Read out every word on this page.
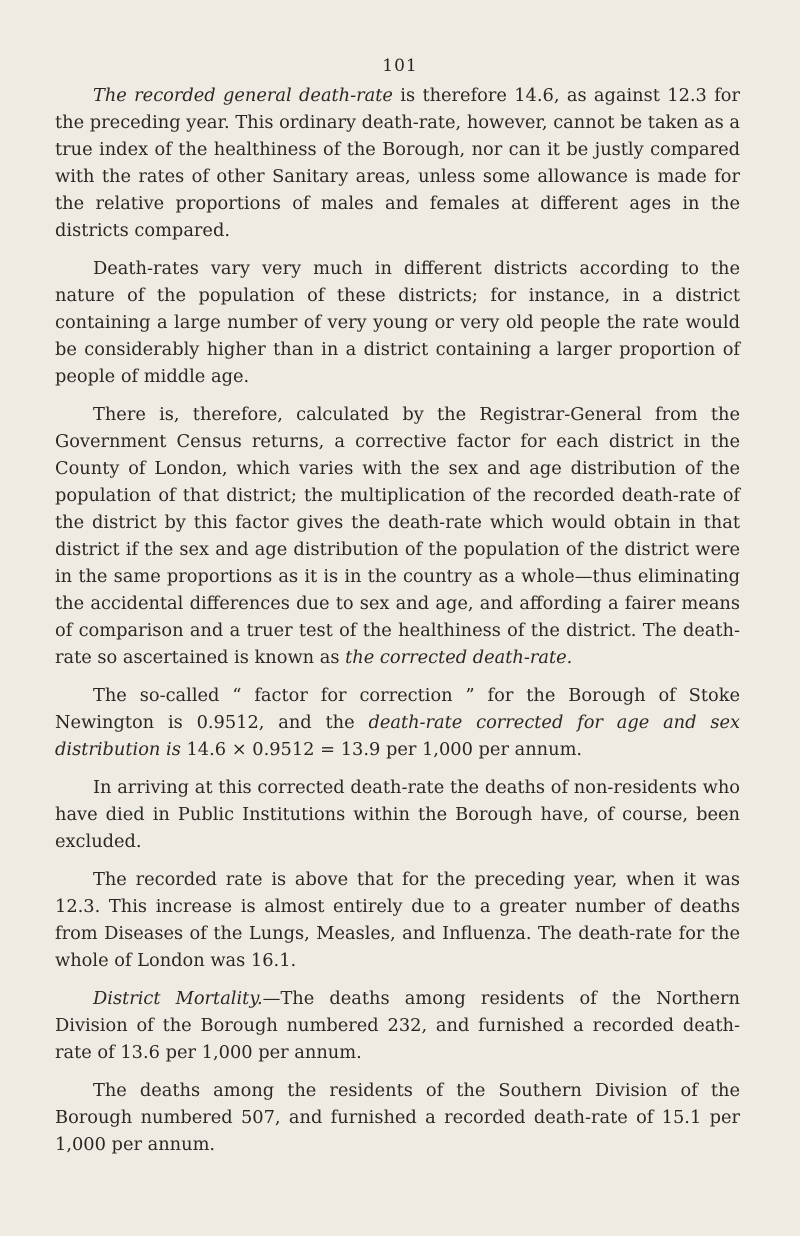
101

The recorded general death-rate is therefore 14.6, as against 12.3 for the preceding year. This ordinary death-rate, however, cannot be taken as a true index of the healthiness of the Borough, nor can it be justly compared with the rates of other Sanitary areas, unless some allowance is made for the relative proportions of males and females at different ages in the districts compared.

Death-rates vary very much in different districts according to the nature of the population of these districts; for instance, in a district containing a large number of very young or very old people the rate would be considerably higher than in a district containing a larger proportion of people of middle age.

There is, therefore, calculated by the Registrar-General from the Government Census returns, a corrective factor for each district in the County of London, which varies with the sex and age distribution of the population of that district; the multiplication of the recorded death-rate of the district by this factor gives the death-rate which would obtain in that district if the sex and age distribution of the population of the district were in the same proportions as it is in the country as a whole—thus eliminating the accidental differences due to sex and age, and affording a fairer means of comparison and a truer test of the healthiness of the district. The death-rate so ascertained is known as the corrected death-rate.

The so-called “ factor for correction ” for the Borough of Stoke Newington is 0.9512, and the death-rate corrected for age and sex distribution is 14.6 × 0.9512 = 13.9 per 1,000 per annum.

In arriving at this corrected death-rate the deaths of non-residents who have died in Public Institutions within the Borough have, of course, been excluded.

The recorded rate is above that for the preceding year, when it was 12.3. This increase is almost entirely due to a greater number of deaths from Diseases of the Lungs, Measles, and Influenza. The death-rate for the whole of London was 16.1.

District Mortality.—The deaths among residents of the Northern Division of the Borough numbered 232, and furnished a recorded death-rate of 13.6 per 1,000 per annum.

The deaths among the residents of the Southern Division of the Borough numbered 507, and furnished a recorded death-rate of 15.1 per 1,000 per annum.
